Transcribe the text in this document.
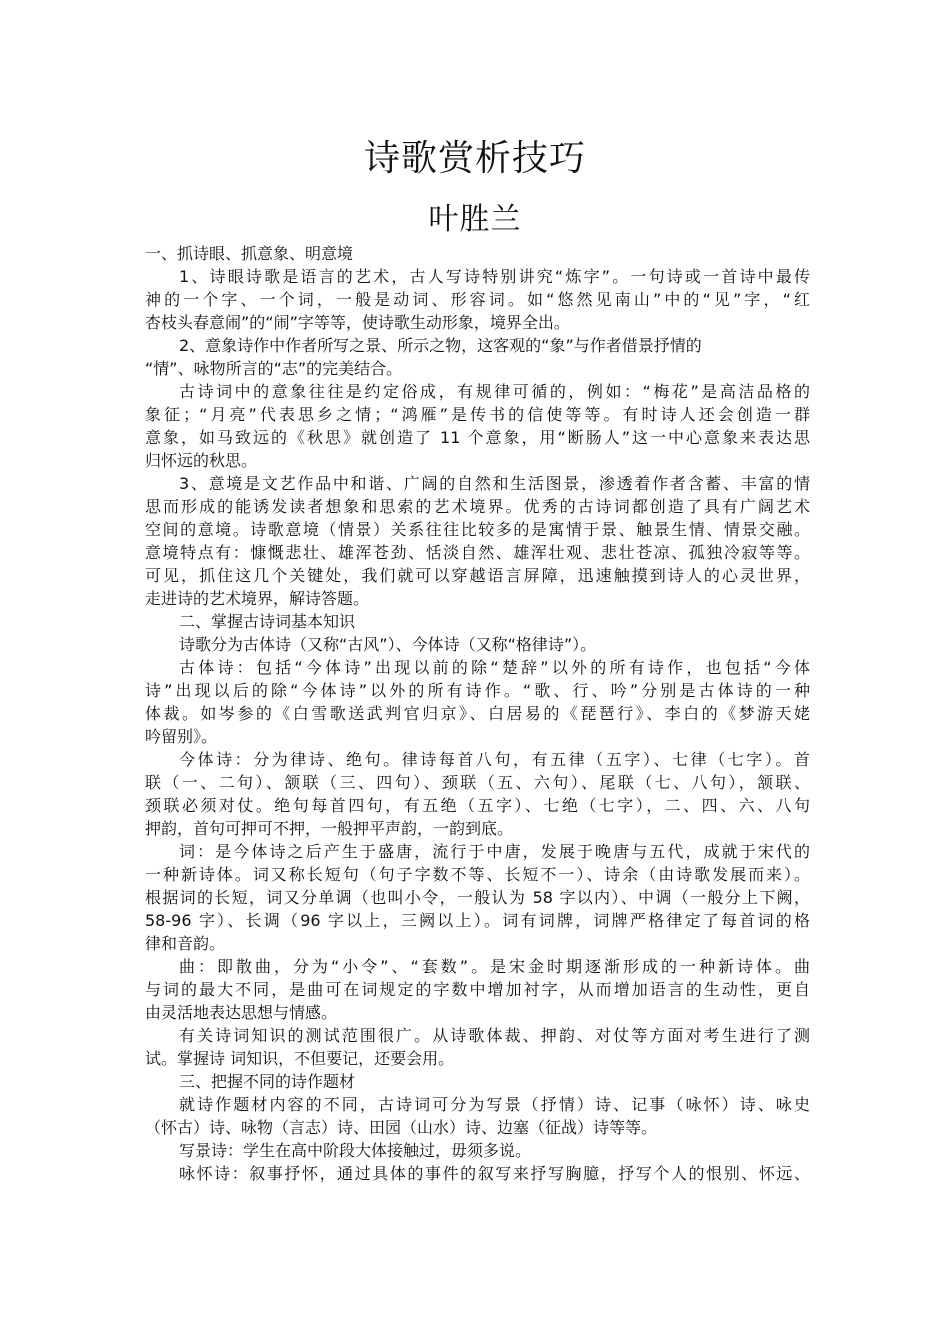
诗歌赏析技巧
叶胜兰
一、抓诗眼、抓意象、明意境
1、诗眼诗歌是语言的艺术，古人写诗特别讲究“炼字”。一句诗或一首诗中最传
神的一个字、一个词，一般是动词、形容词。如“悠然见南山”中的“见”字，“红
杏枝头春意闹”的“闹”字等等，使诗歌生动形象，境界全出。
2、意象诗作中作者所写之景、所示之物，这客观的“象”与作者借景抒情的
“情”、咏物所言的“志”的完美结合。
古诗词中的意象往往是约定俗成，有规律可循的，例如：“梅花”是高洁品格的
象征；“月亮”代表思乡之情；“鸿雁”是传书的信使等等。有时诗人还会创造一群
意象，如马致远的《秋思》就创造了 11 个意象，用“断肠人”这一中心意象来表达思
归怀远的秋思。
3、意境是文艺作品中和谐、广阔的自然和生活图景，渗透着作者含蓄、丰富的情
思而形成的能诱发读者想象和思索的艺术境界。优秀的古诗词都创造了具有广阔艺术
空间的意境。诗歌意境（情景）关系往往比较多的是寓情于景、触景生情、情景交融。
意境特点有：慷慨悲壮、雄浑苍劲、恬淡自然、雄浑壮观、悲壮苍凉、孤独冷寂等等。
可见，抓住这几个关键处，我们就可以穿越语言屏障，迅速触摸到诗人的心灵世界，
走进诗的艺术境界，解诗答题。
二、掌握古诗词基本知识
诗歌分为古体诗（又称“古风”）、今体诗（又称“格律诗”）。
古体诗：包括“今体诗”出现以前的除“楚辞”以外的所有诗作，也包括“今体
诗”出现以后的除“今体诗”以外的所有诗作。“歌、行、吟”分别是古体诗的一种
体裁。如岑参的《白雪歌送武判官归京》、白居易的《琵琶行》、李白的《梦游天姥
吟留别》。
今体诗：分为律诗、绝句。律诗每首八句，有五律（五字）、七律（七字）。首
联（一、二句）、颔联（三、四句）、颈联（五、六句）、尾联（七、八句），颔联、
颈联必须对仗。绝句每首四句，有五绝（五字）、七绝（七字），二、四、六、八句
押韵，首句可押可不押，一般押平声韵，一韵到底。
词：是今体诗之后产生于盛唐，流行于中唐，发展于晚唐与五代，成就于宋代的
一种新诗体。词又称长短句（句子字数不等、长短不一）、诗余（由诗歌发展而来）。
根据词的长短，词又分单调（也叫小令，一般认为 58 字以内）、中调（一般分上下阙，
58-96 字）、长调（96 字以上，三阙以上）。词有词牌，词牌严格律定了每首词的格
律和音韵。
曲：即散曲，分为“小令”、“套数”。是宋金时期逐渐形成的一种新诗体。曲
与词的最大不同，是曲可在词规定的字数中增加衬字，从而增加语言的生动性，更自
由灵活地表达思想与情感。
有关诗词知识的测试范围很广。从诗歌体裁、押韵、对仗等方面对考生进行了测
试。掌握诗 词知识，不但要记，还要会用。
三、把握不同的诗作题材
就诗作题材内容的不同，古诗词可分为写景（抒情）诗、记事（咏怀）诗、咏史
（怀古）诗、咏物（言志）诗、田园（山水）诗、边塞（征战）诗等等。
写景诗：学生在高中阶段大体接触过，毋须多说。
咏怀诗：叙事抒怀，通过具体的事件的叙写来抒写胸臆，抒写个人的恨别、怀远、
